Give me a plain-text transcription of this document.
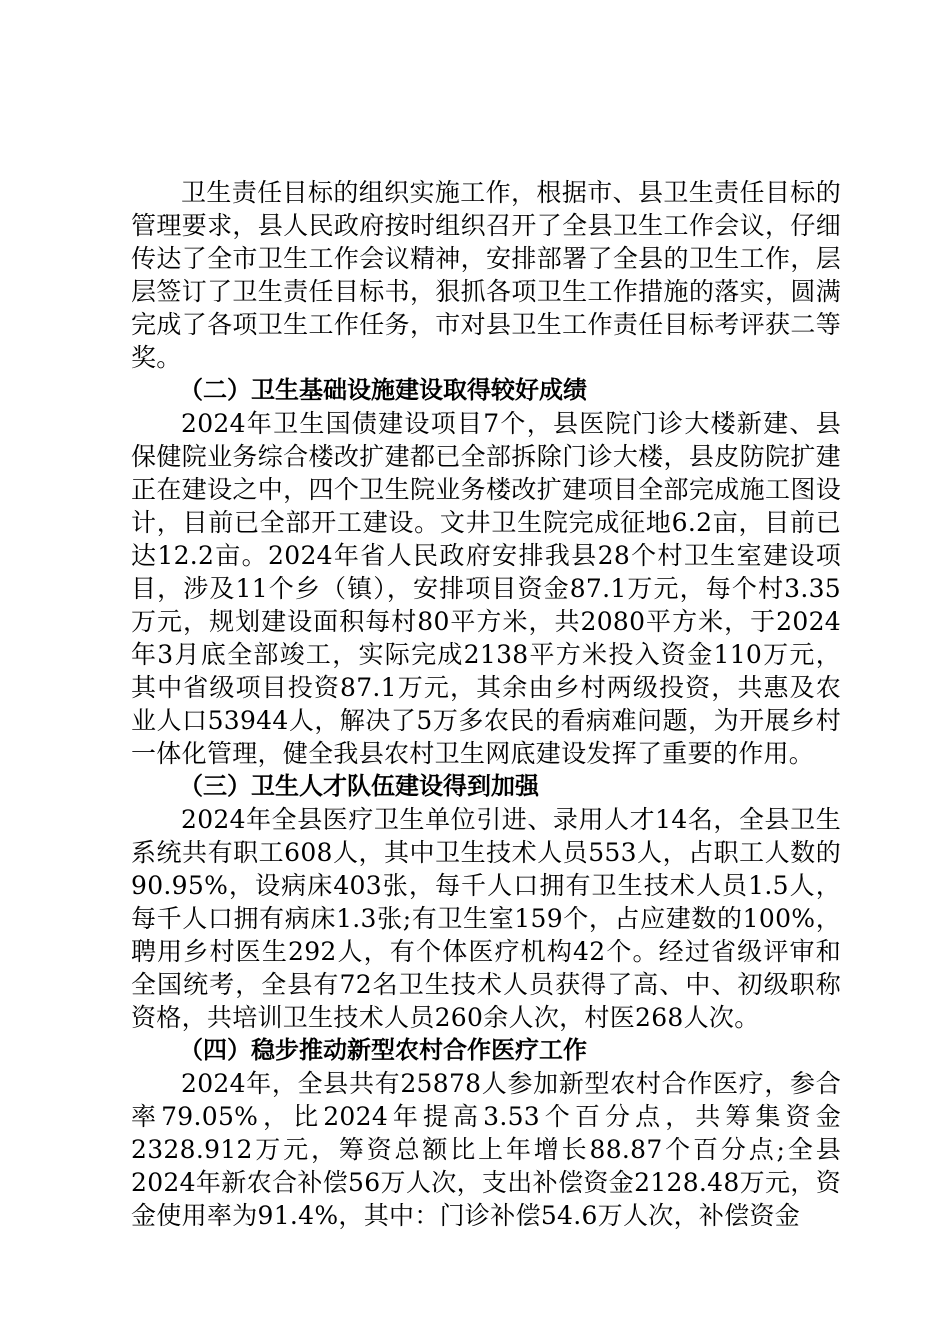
卫生责任目标的组织实施工作，根据市、县卫生责任目标的管理要求，县人民政府按时组织召开了全县卫生工作会议，仔细传达了全市卫生工作会议精神，安排部署了全县的卫生工作，层层签订了卫生责任目标书，狠抓各项卫生工作措施的落实，圆满完成了各项卫生工作任务，市对县卫生工作责任目标考评获二等奖。

（二）卫生基础设施建设取得较好成绩

2024年卫生国债建设项目7个，县医院门诊大楼新建、县保健院业务综合楼改扩建都已全部拆除门诊大楼，县皮防院扩建正在建设之中，四个卫生院业务楼改扩建项目全部完成施工图设计，目前已全部开工建设。文井卫生院完成征地6.2亩，目前已达12.2亩。2024年省人民政府安排我县28个村卫生室建设项目，涉及11个乡（镇），安排项目资金87.1万元，每个村3.35万元，规划建设面积每村80平方米，共2080平方米，于2024年3月底全部竣工，实际完成2138平方米投入资金110万元，其中省级项目投资87.1万元，其余由乡村两级投资，共惠及农业人口53944人，解决了5万多农民的看病难问题，为开展乡村一体化管理，健全我县农村卫生网底建设发挥了重要的作用。

（三）卫生人才队伍建设得到加强

2024年全县医疗卫生单位引进、录用人才14名，全县卫生系统共有职工608人，其中卫生技术人员553人，占职工人数的90.95%，设病床403张，每千人口拥有卫生技术人员1.5人，每千人口拥有病床1.3张;有卫生室159个，占应建数的100%，聘用乡村医生292人，有个体医疗机构42个。经过省级评审和全国统考，全县有72名卫生技术人员获得了高、中、初级职称资格，共培训卫生技术人员260余人次，村医268人次。

（四）稳步推动新型农村合作医疗工作

2024年，全县共有25878人参加新型农村合作医疗，参合率79.05%，比2024年提高3.53个百分点，共筹集资金2328.912万元，筹资总额比上年增长88.87个百分点;全县2024年新农合补偿56万人次，支出补偿资金2128.48万元，资金使用率为91.4%，其中：门诊补偿54.6万人次，补偿资金
